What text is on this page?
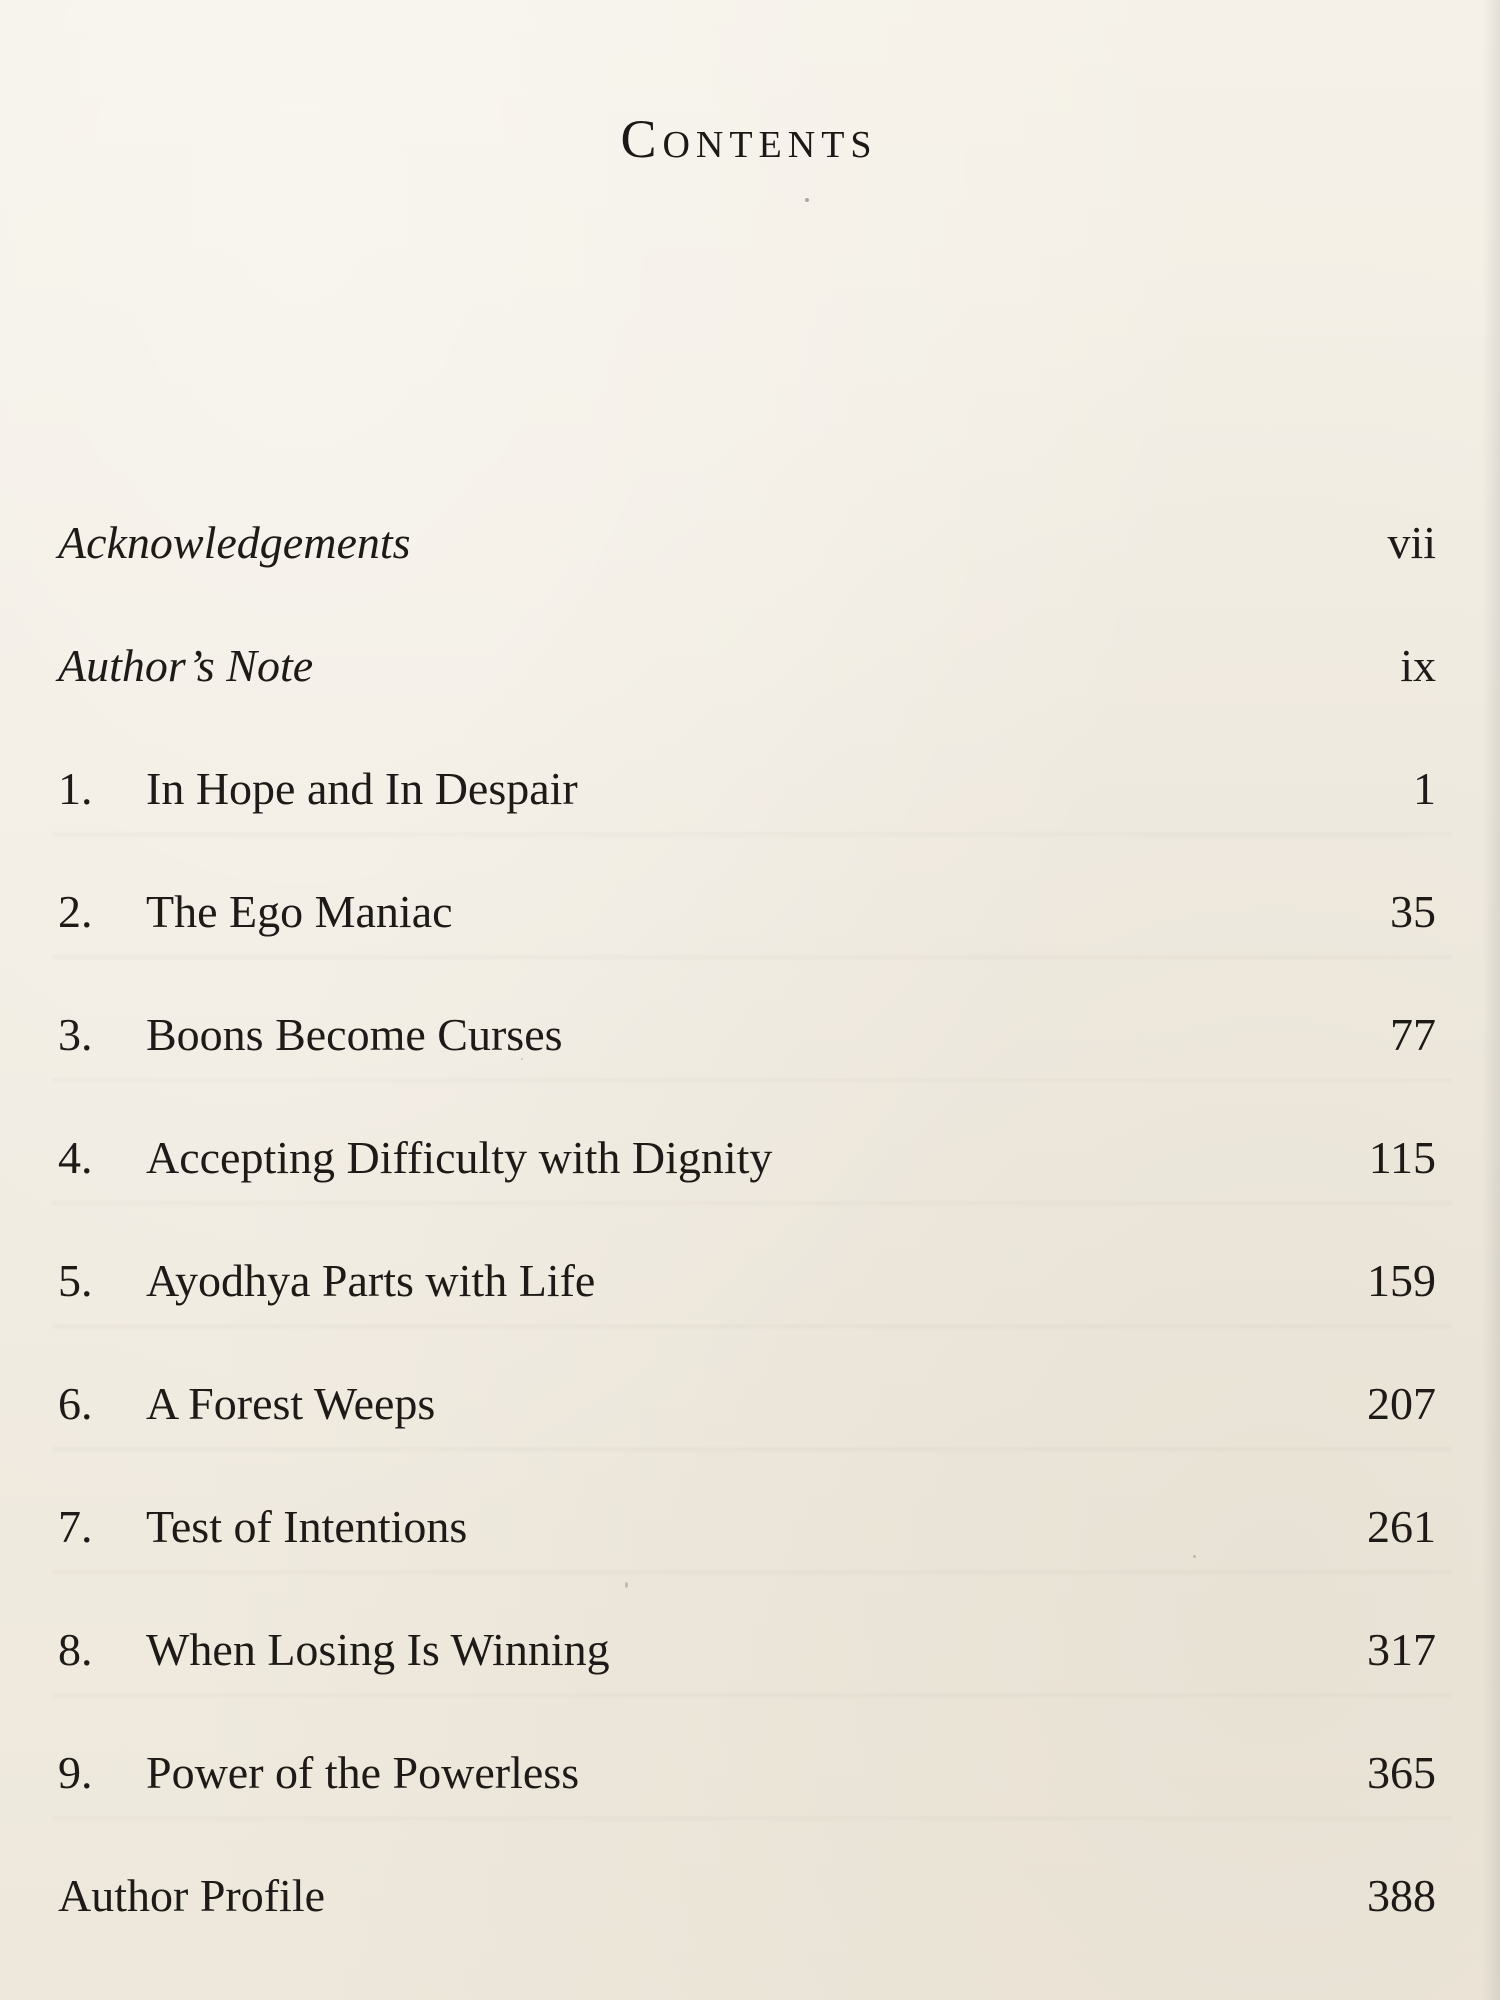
Contents
Acknowledgements	vii
Author’s Note	ix
1.	In Hope and In Despair	1
2.	The Ego Maniac	35
3.	Boons Become Curses	77
4.	Accepting Difficulty with Dignity	115
5.	Ayodhya Parts with Life	159
6.	A Forest Weeps	207
7.	Test of Intentions	261
8.	When Losing Is Winning	317
9.	Power of the Powerless	365
Author Profile	388
